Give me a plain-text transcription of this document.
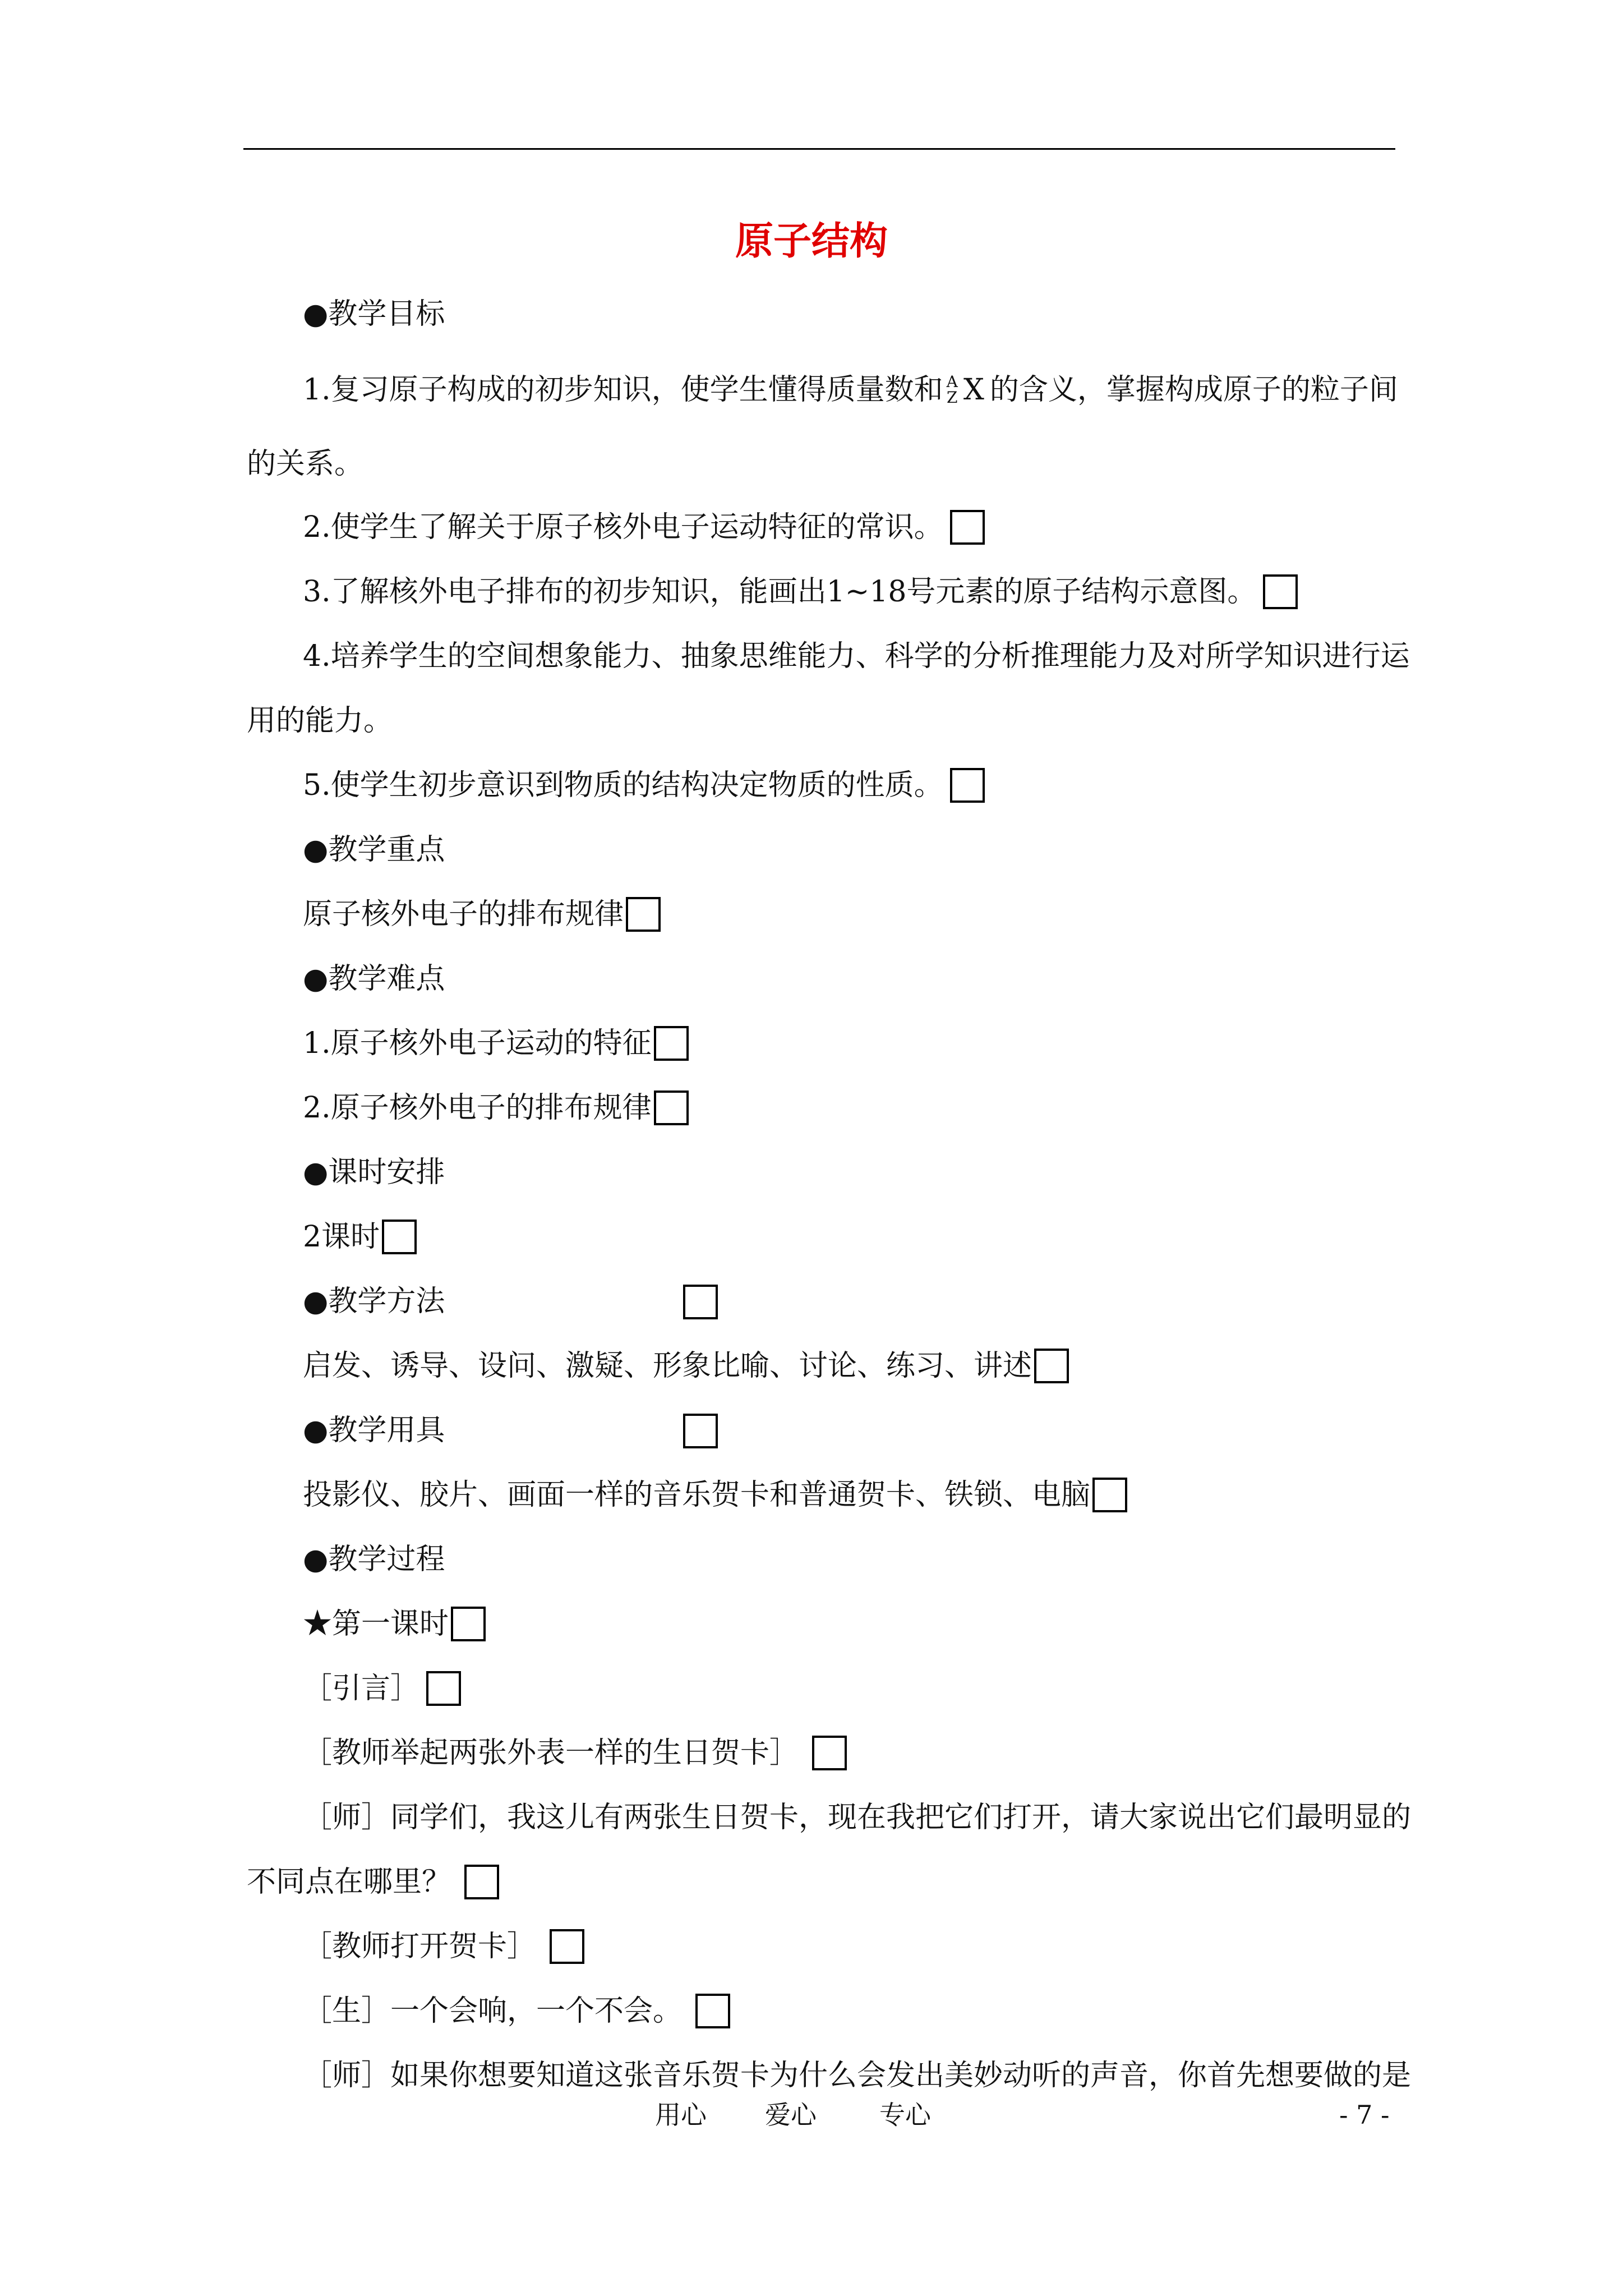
原子结构
●教学目标
1.复习原子构成的初步知识，使学生懂得质量数和 A
Z X 的含义，掌握构成原子的粒子间
的关系。
2.使学生了解关于原子核外电子运动特征的常识。
3.了解核外电子排布的初步知识，能画出1~18号元素的原子结构示意图。
4.培养学生的空间想象能力、抽象思维能力、科学的分析推理能力及对所学知识进行运
用的能力。
5.使学生初步意识到物质的结构决定物质的性质。
●教学重点
原子核外电子的排布规律
●教学难点
1.原子核外电子运动的特征
2.原子核外电子的排布规律
●课时安排
2课时
●教学方法
启发、诱导、设问、激疑、形象比喻、讨论、练习、讲述
●教学用具
投影仪、胶片、画面一样的音乐贺卡和普通贺卡、铁锁、电脑
●教学过程
★第一课时
［引言］
［教师举起两张外表一样的生日贺卡］
［师］同学们，我这儿有两张生日贺卡，现在我把它们打开，请大家说出它们最明显的
不同点在哪里？
［教师打开贺卡］
［生］一个会响，一个不会。
［师］如果你想要知道这张音乐贺卡为什么会发出美妙动听的声音，你首先想要做的是
用心 爱心 专心	- 7 -
